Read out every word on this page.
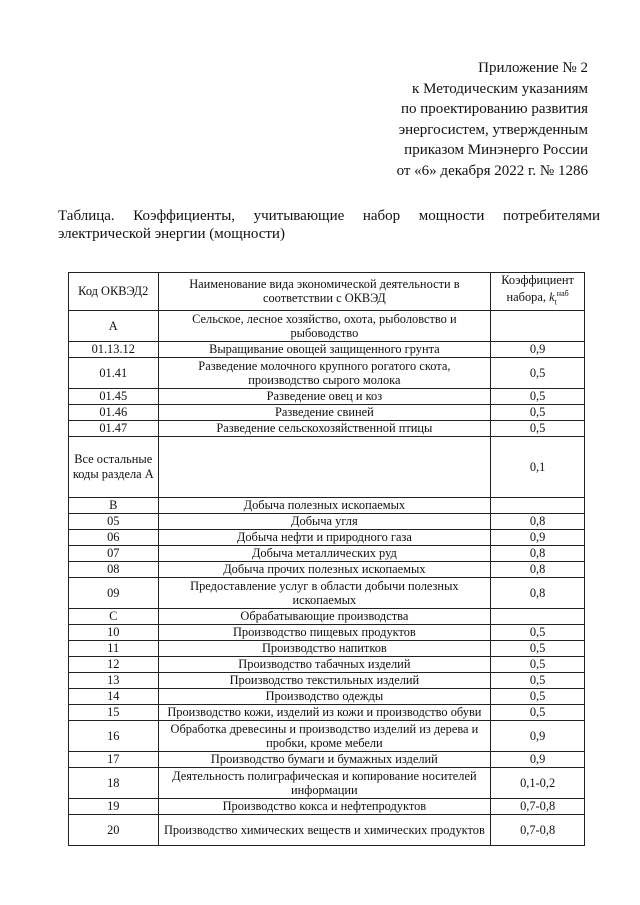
Приложение № 2
к Методическим указаниям
по проектированию развития
энергосистем, утвержденным
приказом Минэнерго России
от «6» декабря 2022 г. № 1286
Таблица. Коэффициенты, учитывающие набор мощности потребителями электрической энергии (мощности)
Код ОКВЭД2	Наименование вида экономической деятельности в соответствии с ОКВЭД	Коэффициент набора, $k_t^{наб}$
А	Сельское, лесное хозяйство, охота, рыболовство и рыбоводство	
01.13.12	Выращивание овощей защищенного грунта	0,9
01.41	Разведение молочного крупного рогатого скота, производство сырого молока	0,5
01.45	Разведение овец и коз	0,5
01.46	Разведение свиней	0,5
01.47	Разведение сельскохозяйственной птицы	0,5
Все остальные коды раздела А		0,1
В	Добыча полезных ископаемых	
05	Добыча угля	0,8
06	Добыча нефти и природного газа	0,9
07	Добыча металлических руд	0,8
08	Добыча прочих полезных ископаемых	0,8
09	Предоставление услуг в области добычи полезных ископаемых	0,8
С	Обрабатывающие производства	
10	Производство пищевых продуктов	0,5
11	Производство напитков	0,5
12	Производство табачных изделий	0,5
13	Производство текстильных изделий	0,5
14	Производство одежды	0,5
15	Производство кожи, изделий из кожи и производство обуви	0,5
16	Обработка древесины и производство изделий из дерева и пробки, кроме мебели	0,9
17	Производство бумаги и бумажных изделий	0,9
18	Деятельность полиграфическая и копирование носителей информации	0,1-0,2
19	Производство кокса и нефтепродуктов	0,7-0,8
20	Производство химических веществ и химических продуктов	0,7-0,8
